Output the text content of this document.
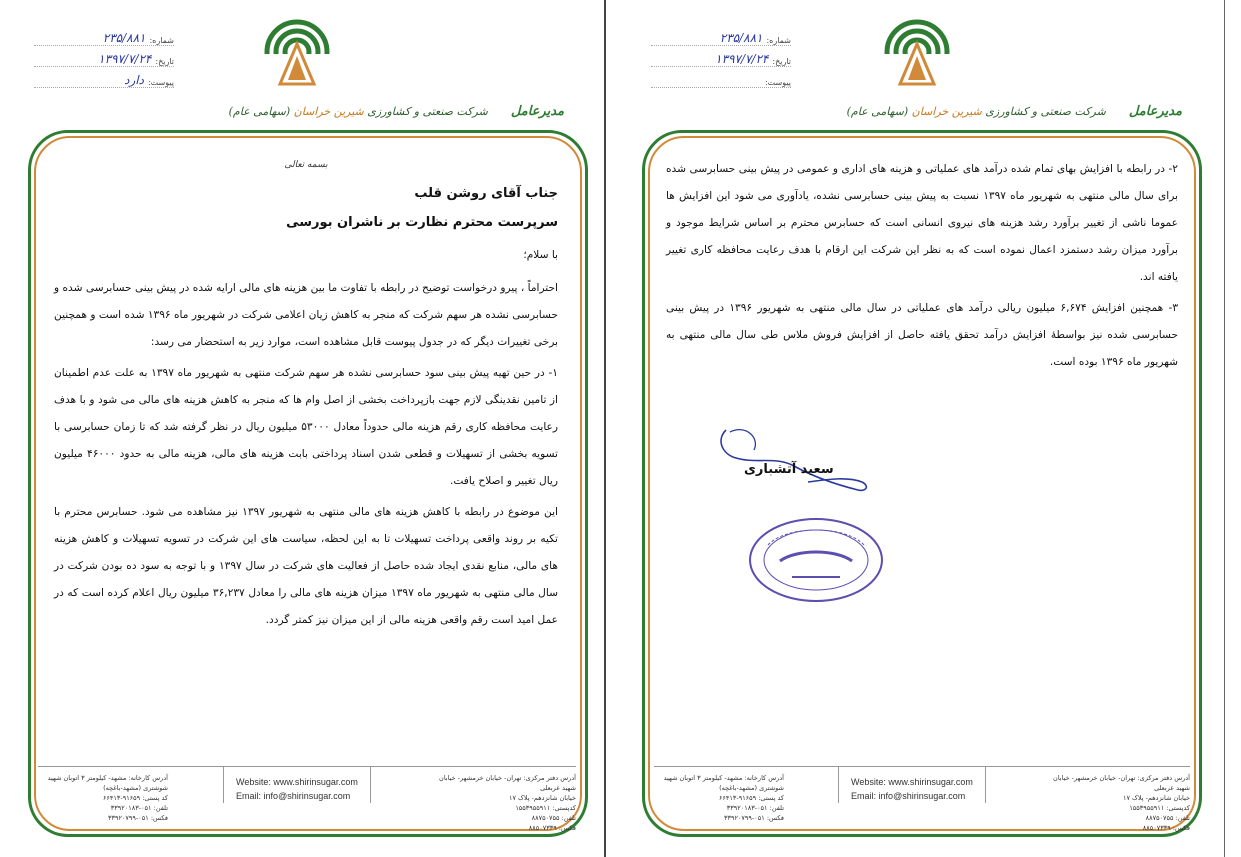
شماره:
۲۳۵/۸۸۱
تاریخ:
۱۳۹۷/۷/۲۴
پیوست:
دارد
مدیرعامل شرکت صنعتی و کشاورزی شیرین خراسان (سهامی عام)
بسمه تعالی
جناب آقای روشن قلب
سرپرست محترم نظارت بر ناشران بورسی
با سلام؛

احتراماً ، پیرو درخواست توضیح در رابطه با تفاوت ما بین هزینه های مالی ارایه شده در پیش بینی حسابرسی شده و حسابرسی نشده هر سهم شرکت که منجر به کاهش زیان اعلامی شرکت در شهریور ماه ۱۳۹۶ شده است و همچنین برخی تغییرات دیگر که در جدول پیوست قابل مشاهده است، موارد زیر به استحضار می رسد:

۱- در حین تهیه پیش بینی سود حسابرسی نشده هر سهم شرکت منتهی به شهریور ماه ۱۳۹۷ به علت عدم اطمینان از تامین نقدینگی لازم جهت بازپرداخت بخشی از اصل وام ها که منجر به کاهش هزینه های مالی می شود و با هدف رعایت محافظه کاری رقم هزینه مالی حدوداً معادل ۵۳۰۰۰ میلیون ریال در نظر گرفته شد که تا زمان حسابرسی با تسویه بخشی از تسهیلات و قطعی شدن اسناد پرداختی بابت هزینه های مالی، هزینه مالی به حدود ۴۶۰۰۰ میلیون ریال تغییر و اصلاح یافت.

این موضوع در رابطه با کاهش هزینه های مالی منتهی به شهریور ۱۳۹۷ نیز مشاهده می شود. حسابرس محترم با تکیه بر روند واقعی پرداخت تسهیلات تا به این لحظه، سیاست های این شرکت در تسویه تسهیلات و کاهش هزینه های مالی، منابع نقدی ایجاد شده حاصل از فعالیت های شرکت در سال ۱۳۹۷ و با توجه به سود ده بودن شرکت در سال مالی منتهی به شهریور ماه ۱۳۹۷ میزان هزینه های مالی را معادل ۳۶,۲۳۷ میلیون ریال اعلام کرده است که در عمل امید است رقم واقعی هزینه مالی از این میزان نیز کمتر گردد.

آدرس کارخانه: مشهد- کیلومتر ۳ اتوبان شهید شوشتری (مشهد-باغچه)
کد پستی: ۹۱۶۵۹-۶۶۴۱۳
تلفن: ۰۵۱-۳۳۹۲۰۱۸۳
فکس: ۰۵۱-۳۳۹۲۰۷۹۹
Website: www.shirinsugar.com
Email: info@shirinsugar.com
آدرس دفتر مرکزی: تهران- خیابان خرمشهر- خیابان شهید عربعلی
خیابان شانزدهم- پلاک ۱۷
کدپستی: ۱۵۵۳۹۵۵۹۱۱
تلفن: ۸۸۷۵۰۷۵۵
فکس: ۸۸۵۰۷۳۳۹
شماره:
۲۳۵/۸۸۱
تاریخ:
۱۳۹۷/۷/۲۴
پیوست:
مدیرعامل شرکت صنعتی و کشاورزی شیرین خراسان (سهامی عام)

۲- در رابطه با افزایش بهای تمام شده درآمد های عملیاتی و هزینه های اداری و عمومی در پیش بینی حسابرسی شده برای سال مالی منتهی به شهریور ماه ۱۳۹۷ نسبت به پیش بینی حسابرسی نشده، یادآوری می شود این افزایش ها عموما ناشی از تغییر برآورد رشد هزینه های نیروی انسانی است که حسابرس محترم بر اساس شرایط موجود و برآورد میزان رشد دستمزد اعمال نموده است که به نظر این شرکت این ارقام با هدف رعایت محافظه کاری تغییر یافته اند.

۳- همچنین افزایش ۶,۶۷۴ میلیون ریالی درآمد های عملیاتی در سال مالی منتهی به شهریور ۱۳۹۶ در پیش بینی حسابرسی شده نیز بواسطهٔ افزایش درآمد تحقق یافته حاصل از افزایش فروش ملاس طی سال مالی منتهی به شهریور ماه ۱۳۹۶ بوده است.

سعید آتشباری
آدرس کارخانه: مشهد- کیلومتر ۳ اتوبان شهید شوشتری (مشهد-باغچه)
کد پستی: ۹۱۶۵۹-۶۶۴۱۳
تلفن: ۰۵۱-۳۳۹۲۰۱۸۳
فکس: ۰۵۱-۳۳۹۲۰۷۹۹
Website: www.shirinsugar.com
Email: info@shirinsugar.com
آدرس دفتر مرکزی: تهران- خیابان خرمشهر- خیابان شهید عربعلی
خیابان شانزدهم- پلاک ۱۷
کدپستی: ۱۵۵۳۹۵۵۹۱۱
تلفن: ۸۸۷۵۰۷۵۵
فکس: ۸۸۵۰۷۳۳۹
